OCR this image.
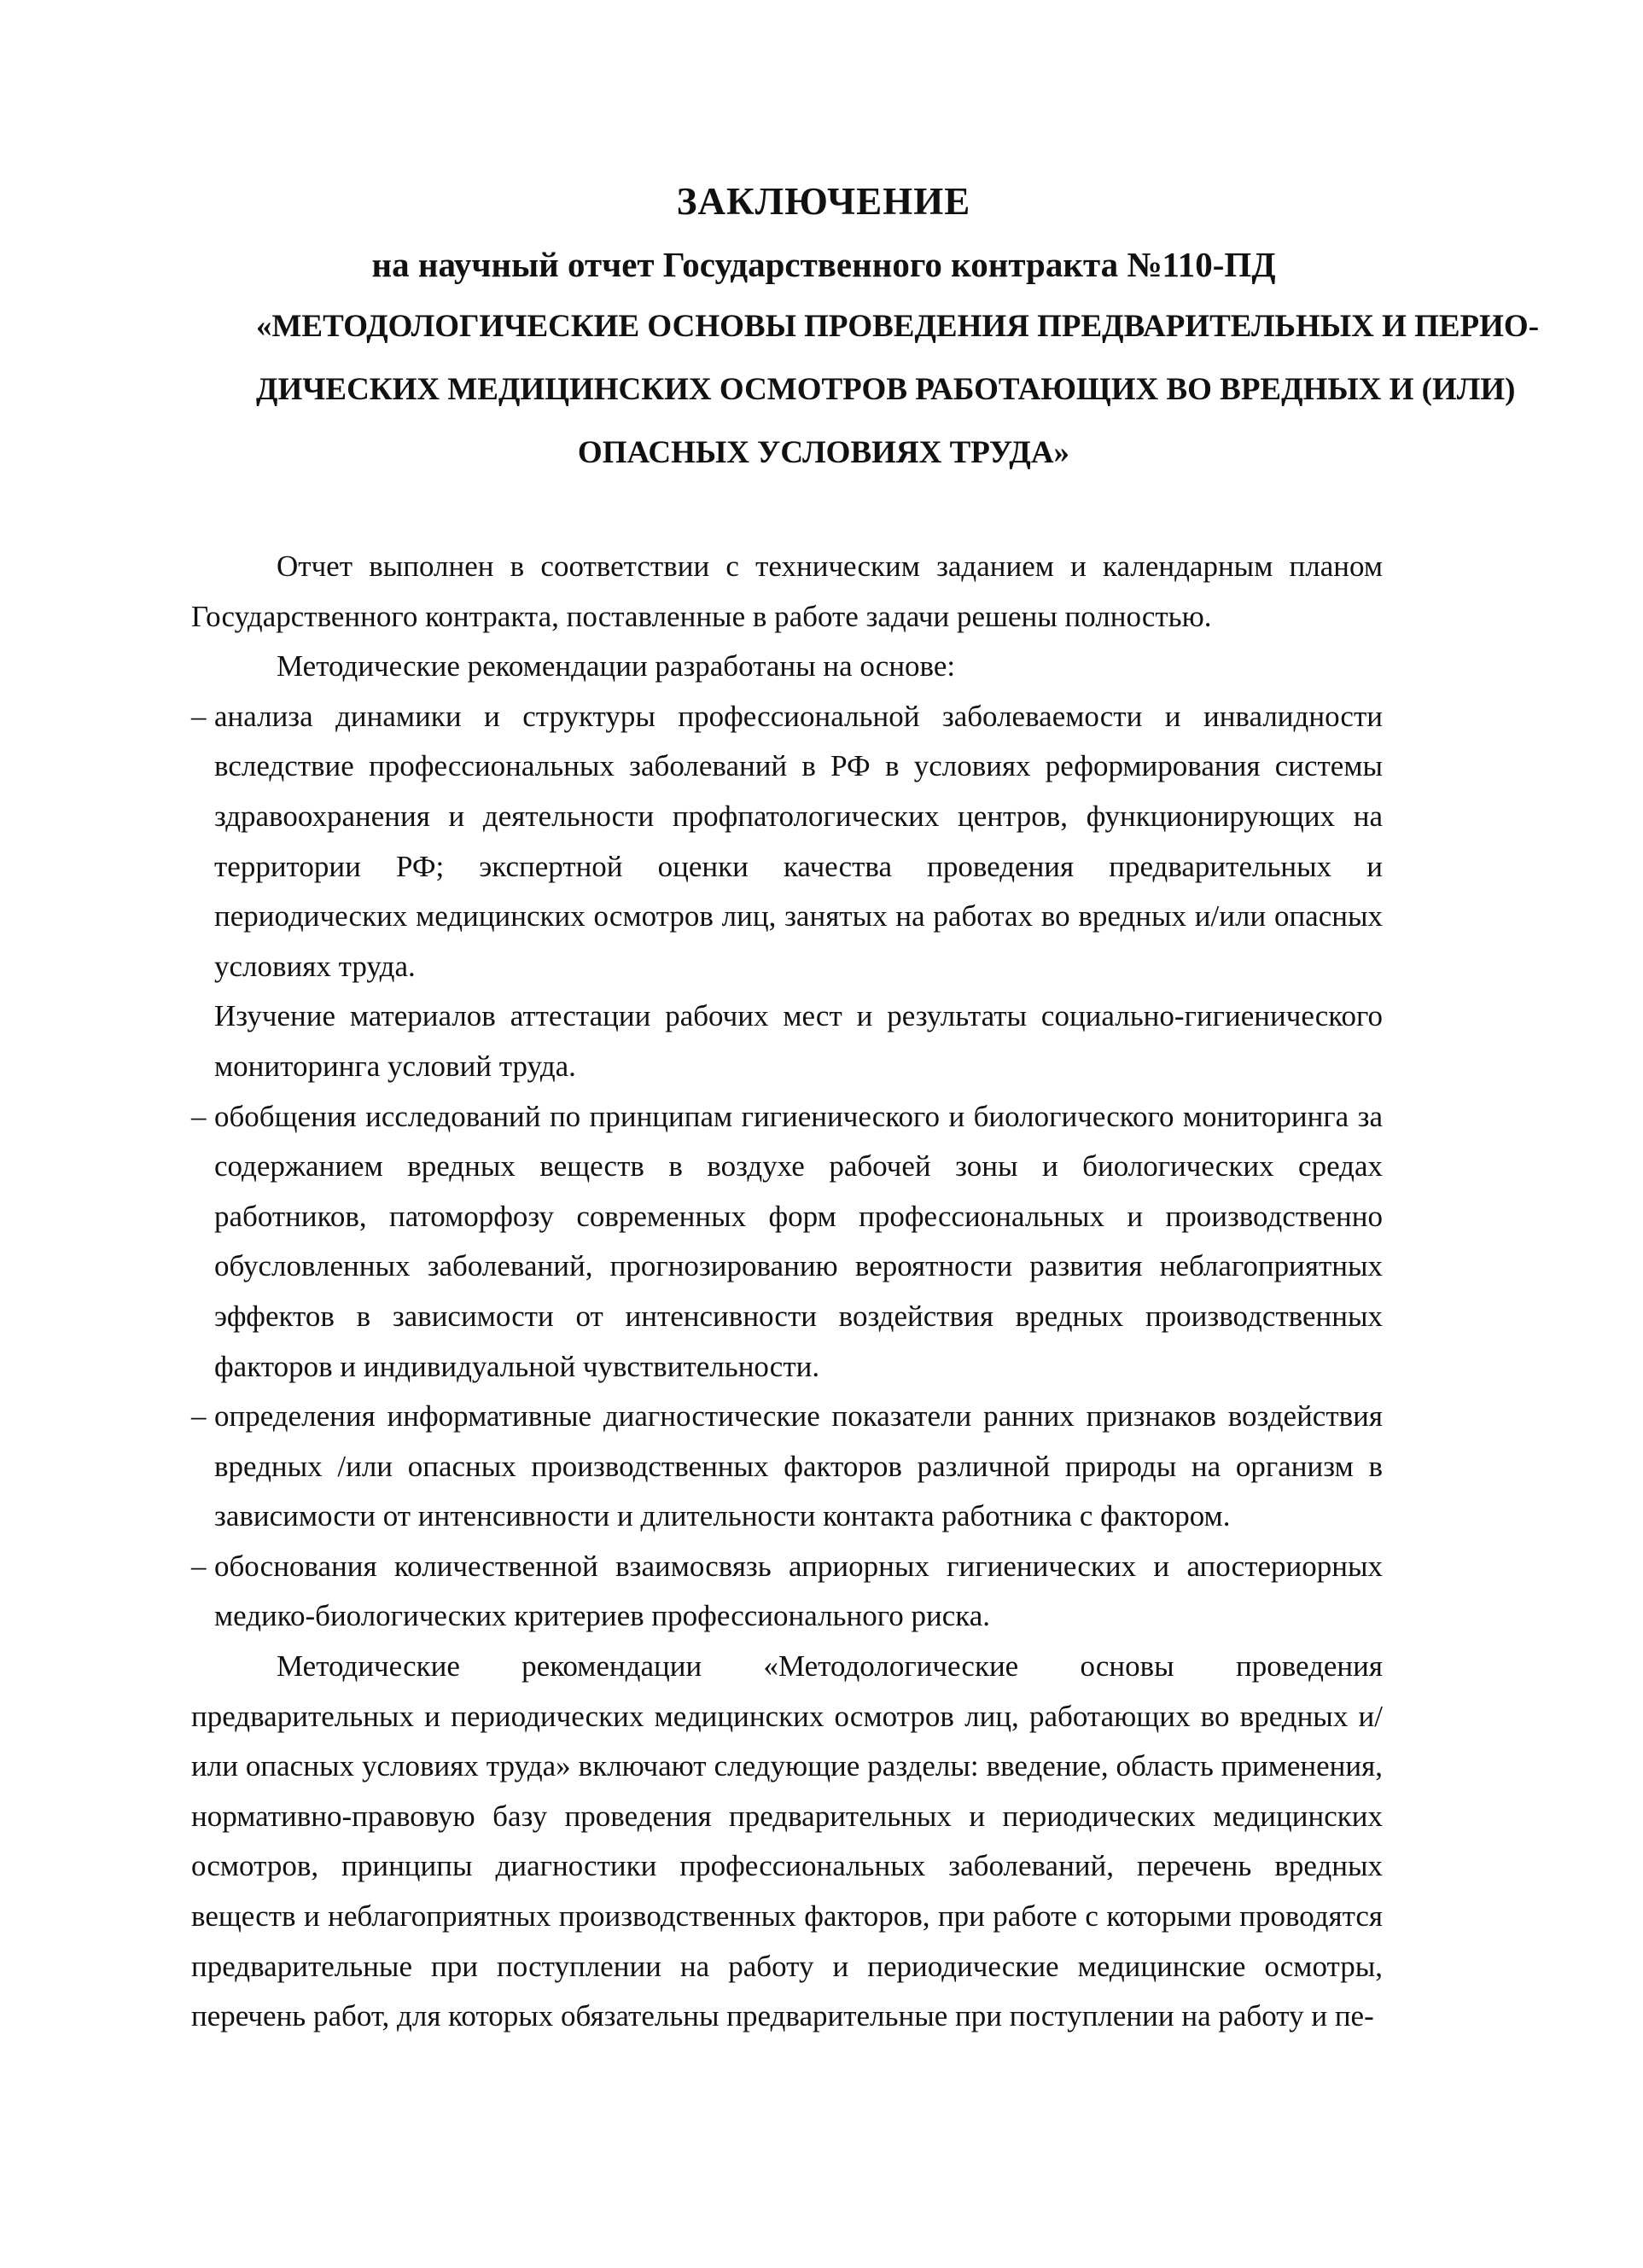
ЗАКЛЮЧЕНИЕ
на научный отчет Государственного контракта №110-ПД
«МЕТОДОЛОГИЧЕСКИЕ ОСНОВЫ ПРОВЕДЕНИЯ ПРЕДВАРИТЕЛЬНЫХ И ПЕРИО-
ДИЧЕСКИХ МЕДИЦИНСКИХ ОСМОТРОВ РАБОТАЮЩИХ ВО ВРЕДНЫХ И (ИЛИ)
ОПАСНЫХ УСЛОВИЯХ ТРУДА»

Отчет выполнен в соответствии с техническим заданием и календарным планом Государственного контракта, поставленные в работе задачи решены полностью.

Методические рекомендации разработаны на основе:

– анализа динамики и структуры профессиональной заболеваемости и инвалидности вследствие профессиональных заболеваний в РФ в условиях реформирования системы здравоохранения и деятельности профпатологических центров, функционирующих на территории РФ; экспертной оценки качества проведения предварительных и периодических медицинских осмотров лиц, занятых на работах во вредных и/или опасных условиях труда.

Изучение материалов аттестации рабочих мест и результаты социально-гигиенического мониторинга условий труда.

– обобщения исследований по принципам гигиенического и биологического мониторинга за содержанием вредных веществ в воздухе рабочей зоны и биологических средах работников, патоморфозу современных форм профессиональных и производственно обусловленных заболеваний, прогнозированию вероятности развития неблагоприятных эффектов в зависимости от интенсивности воздействия вредных производственных факторов и индивидуальной чувствительности.

– определения информативные диагностические показатели ранних признаков воздействия вредных /или опасных производственных факторов различной природы на организм в зависимости от интенсивности и длительности контакта работника с фактором.

– обоснования количественной взаимосвязь априорных гигиенических и апостериорных медико-биологических критериев профессионального риска.

Методические рекомендации «Методологические основы проведения предварительных и периодических медицинских осмотров лиц, работающих во вредных и/или опасных условиях труда» включают следующие разделы: введение, область применения, нормативно-правовую базу проведения предварительных и периодических медицинских осмотров, принципы диагностики профессиональных заболеваний, перечень вредных веществ и неблагоприятных производственных факторов, при работе с которыми проводятся предварительные при поступлении на работу и периодические медицинские осмотры, перечень работ, для которых обязательны предварительные при поступлении на работу и пе-
